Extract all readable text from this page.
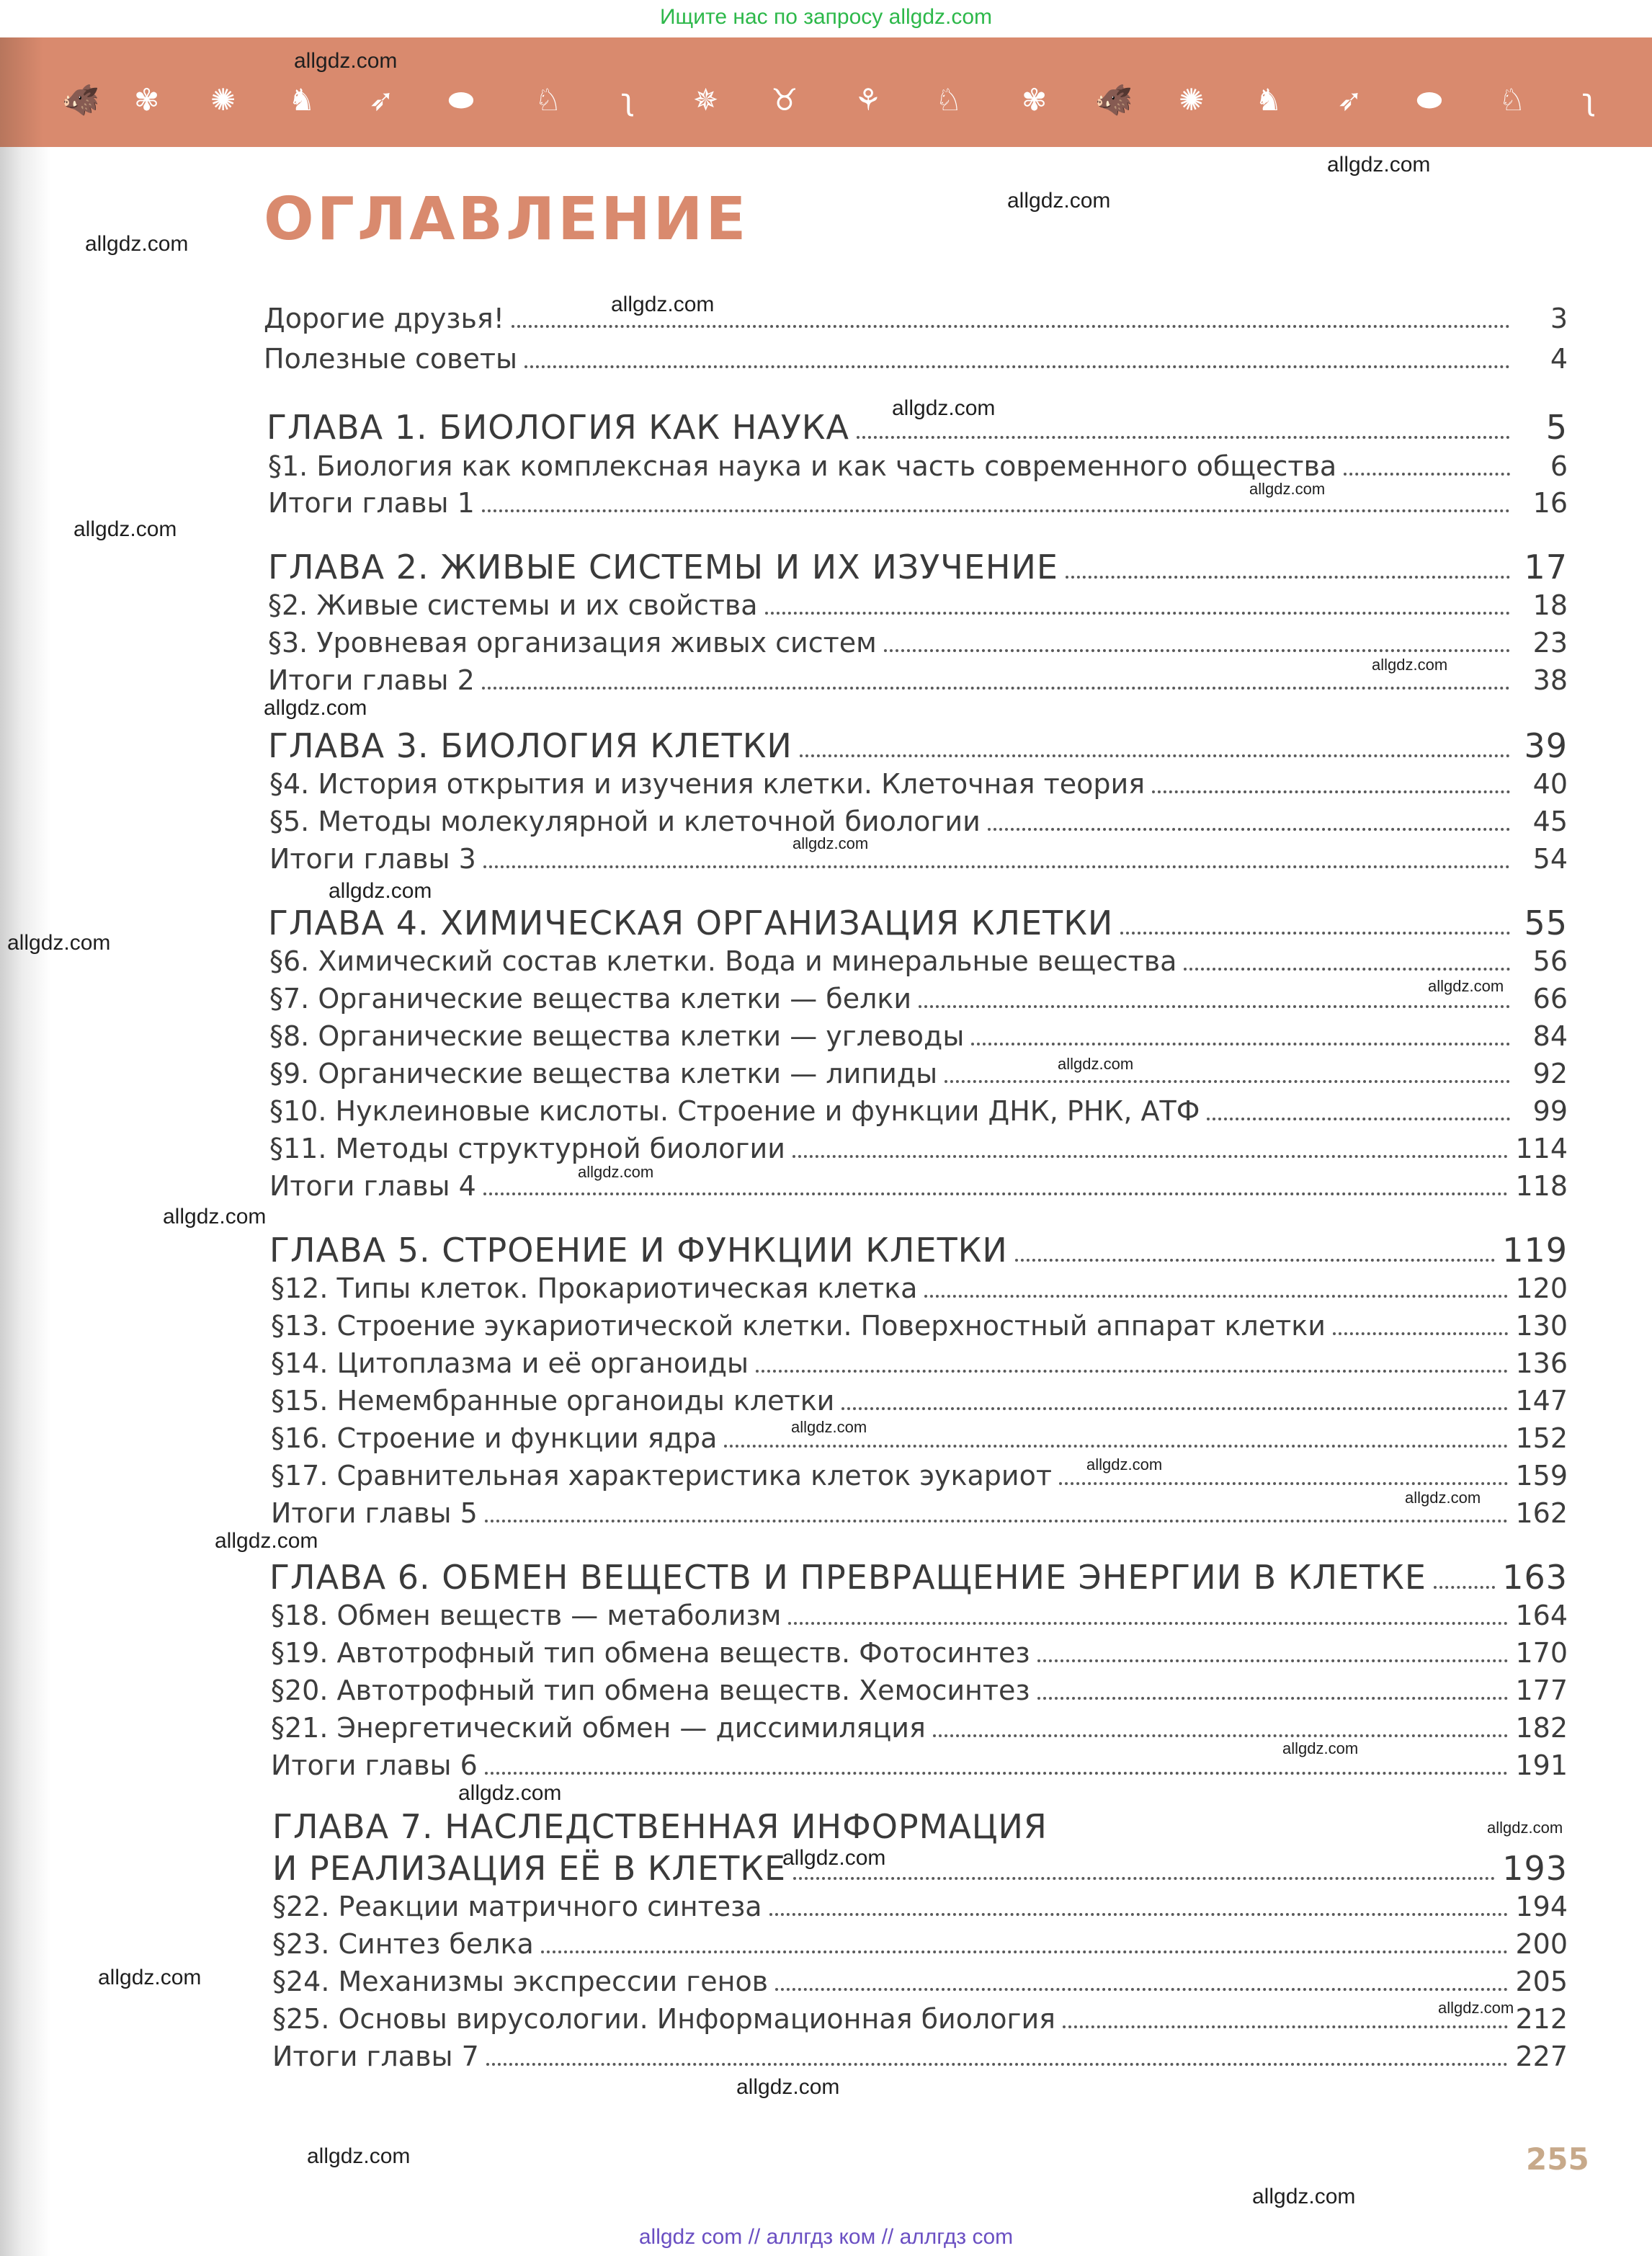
Ищите нас по запросу allgdz.com
🐗 ✾ ✺ ♞ ➶ ⬬ ♘ ʅ ✵ ♉ ⚘ ♘ ✾ 🐗 ✺ ♞ ➶ ⬬ ♘ ʅ
ОГЛАВЛЕНИЕ
Дорогие друзья!	3
Полезные советы	4
ГЛАВА 1. БИОЛОГИЯ КАК НАУКА	5
§1. Биология как комплексная наука и как часть современного общества	6
Итоги главы 1	16
ГЛАВА 2. ЖИВЫЕ СИСТЕМЫ И ИХ ИЗУЧЕНИЕ	17
§2. Живые системы и их свойства	18
§3. Уровневая организация живых систем	23
Итоги главы 2	38
ГЛАВА 3. БИОЛОГИЯ КЛЕТКИ	39
§4. История открытия и изучения клетки. Клеточная теория	40
§5. Методы молекулярной и клеточной биологии	45
Итоги главы 3	54
ГЛАВА 4. ХИМИЧЕСКАЯ ОРГАНИЗАЦИЯ КЛЕТКИ	55
§6. Химический состав клетки. Вода и минеральные вещества	56
§7. Органические вещества клетки — белки	66
§8. Органические вещества клетки — углеводы	84
§9. Органические вещества клетки — липиды	92
§10. Нуклеиновые кислоты. Строение и функции ДНК, РНК, АТФ	99
§11. Методы структурной биологии	114
Итоги главы 4	118
ГЛАВА 5. СТРОЕНИЕ И ФУНКЦИИ КЛЕТКИ	119
§12. Типы клеток. Прокариотическая клетка	120
§13. Строение эукариотической клетки. Поверхностный аппарат клетки	130
§14. Цитоплазма и её органоиды	136
§15. Немембранные органоиды клетки	147
§16. Строение и функции ядра	152
§17. Сравнительная характеристика клеток эукариот	159
Итоги главы 5	162
ГЛАВА 6. ОБМЕН ВЕЩЕСТВ И ПРЕВРАЩЕНИЕ ЭНЕРГИИ В КЛЕТКЕ 163
§18. Обмен веществ — метаболизм	164
§19. Автотрофный тип обмена веществ. Фотосинтез	170
§20. Автотрофный тип обмена веществ. Хемосинтез	177
§21. Энергетический обмен — диссимиляция	182
Итоги главы 6	191
ГЛАВА 7. НАСЛЕДСТВЕННАЯ ИНФОРМАЦИЯ
И РЕАЛИЗАЦИЯ ЕЁ В КЛЕТКЕ	193
§22. Реакции матричного синтеза	194
§23. Синтез белка	200
§24. Механизмы экспрессии генов	205
§25. Основы вирусологии. Информационная биология	212
Итоги главы 7	227
255
allgdz.com
allgdz.com
allgdz.com
allgdz.com
allgdz.com
allgdz.com
allgdz.com
allgdz.com
allgdz.com
allgdz.com
allgdz.com
allgdz.com
allgdz.com
allgdz.com
allgdz.com
allgdz.com
allgdz.com
allgdz.com
allgdz.com
allgdz.com
allgdz.com
allgdz.com
allgdz.com
allgdz.com
allgdz.com
allgdz.com
allgdz.com
allgdz.com
allgdz.com
allgdz.com
allgdz com // аллгдз ком // аллгдз com
